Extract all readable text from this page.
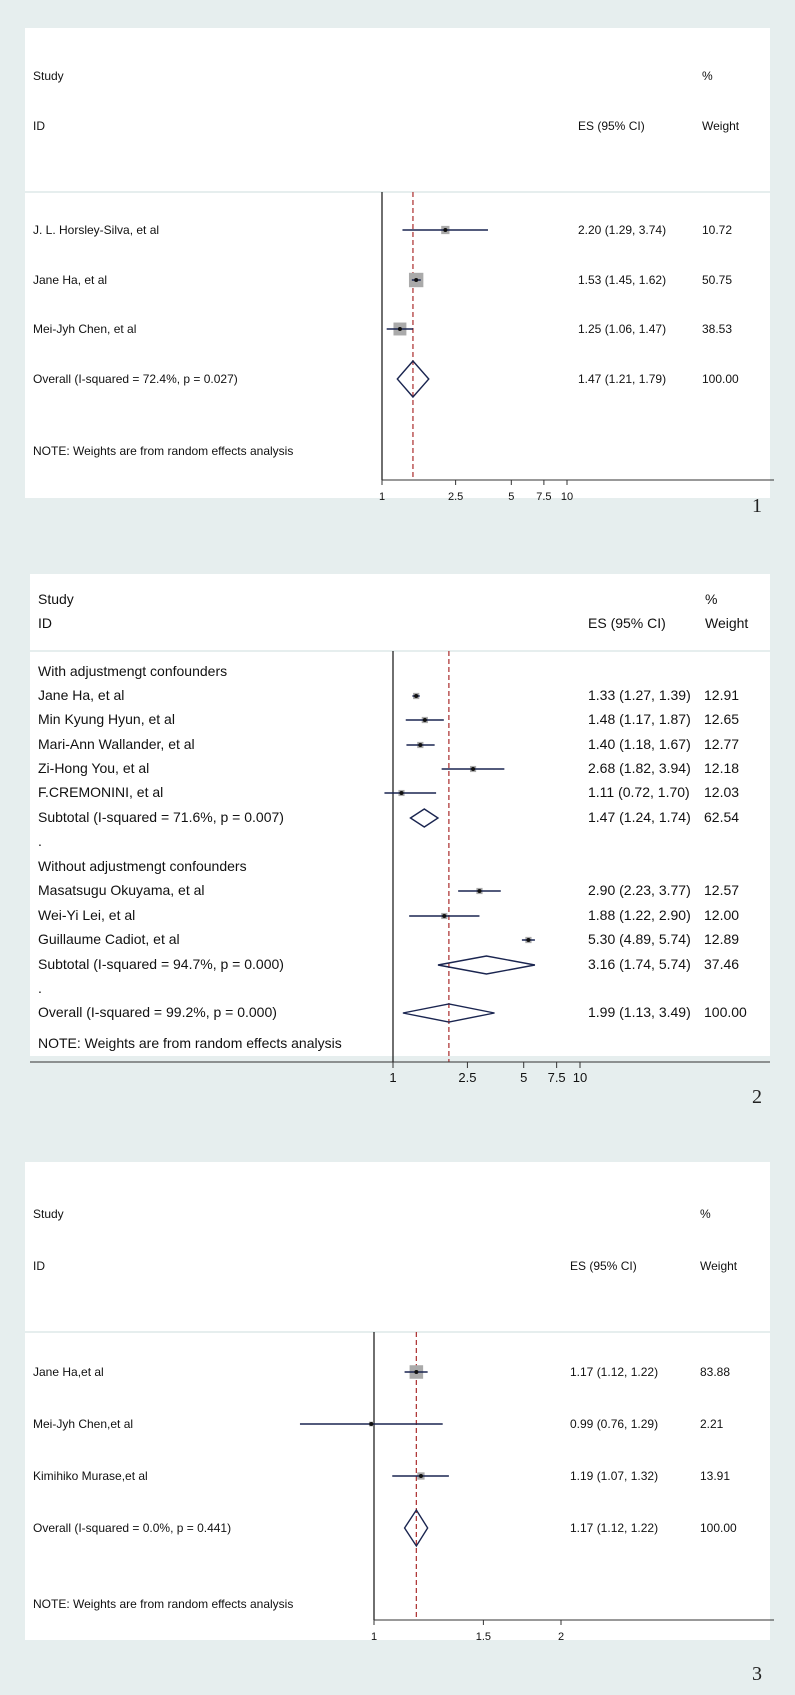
Study
ID	ES (95% CI)
%
Weight
1	2.5	5 7.5 10
J. L. Horsley-Silva, et al	2.20 (1.29, 3.74)	10.72
Jane Ha, et al	1.53 (1.45, 1.62)	50.75
Mei-Jyh Chen, et al	1.25 (1.06, 1.47)	38.53
Overall (I-squared = 72.4%, p = 0.027)	1.47 (1.21, 1.79)	100.00
NOTE: Weights are from random effects analysis
1
Study
ID	ES (95% CI)
%
Weight
1	2.5	5 7.5 10
With adjustmengt confounders
Jane Ha, et al	1.33 (1.27, 1.39) 12.91
Min Kyung Hyun, et al	1.48 (1.17, 1.87) 12.65
Mari-Ann Wallander, et al	1.40 (1.18, 1.67) 12.77
Zi-Hong You, et al	2.68 (1.82, 3.94) 12.18
F.CREMONINI, et al	1.11 (0.72, 1.70) 12.03
Subtotal (I-squared = 71.6%, p = 0.007)	1.47 (1.24, 1.74) 62.54
.
Without adjustmengt confounders
Masatsugu Okuyama, et al	2.90 (2.23, 3.77) 12.57
Wei-Yi Lei, et al	1.88 (1.22, 2.90) 12.00
Guillaume Cadiot, et al	5.30 (4.89, 5.74) 12.89
Subtotal (I-squared = 94.7%, p = 0.000)	3.16 (1.74, 5.74) 37.46
.
Overall (I-squared = 99.2%, p = 0.000)	1.99 (1.13, 3.49) 100.00
NOTE: Weights are from random effects analysis
2
Study
ID	ES (95% CI)
%
Weight
1	1.5	2
Jane Ha,et al	1.17 (1.12, 1.22)	83.88
Mei-Jyh Chen,et al	0.99 (0.76, 1.29)	2.21
Kimihiko Murase,et al	1.19 (1.07, 1.32)	13.91
Overall (I-squared = 0.0%, p = 0.441)	1.17 (1.12, 1.22)	100.00
NOTE: Weights are from random effects analysis
3
